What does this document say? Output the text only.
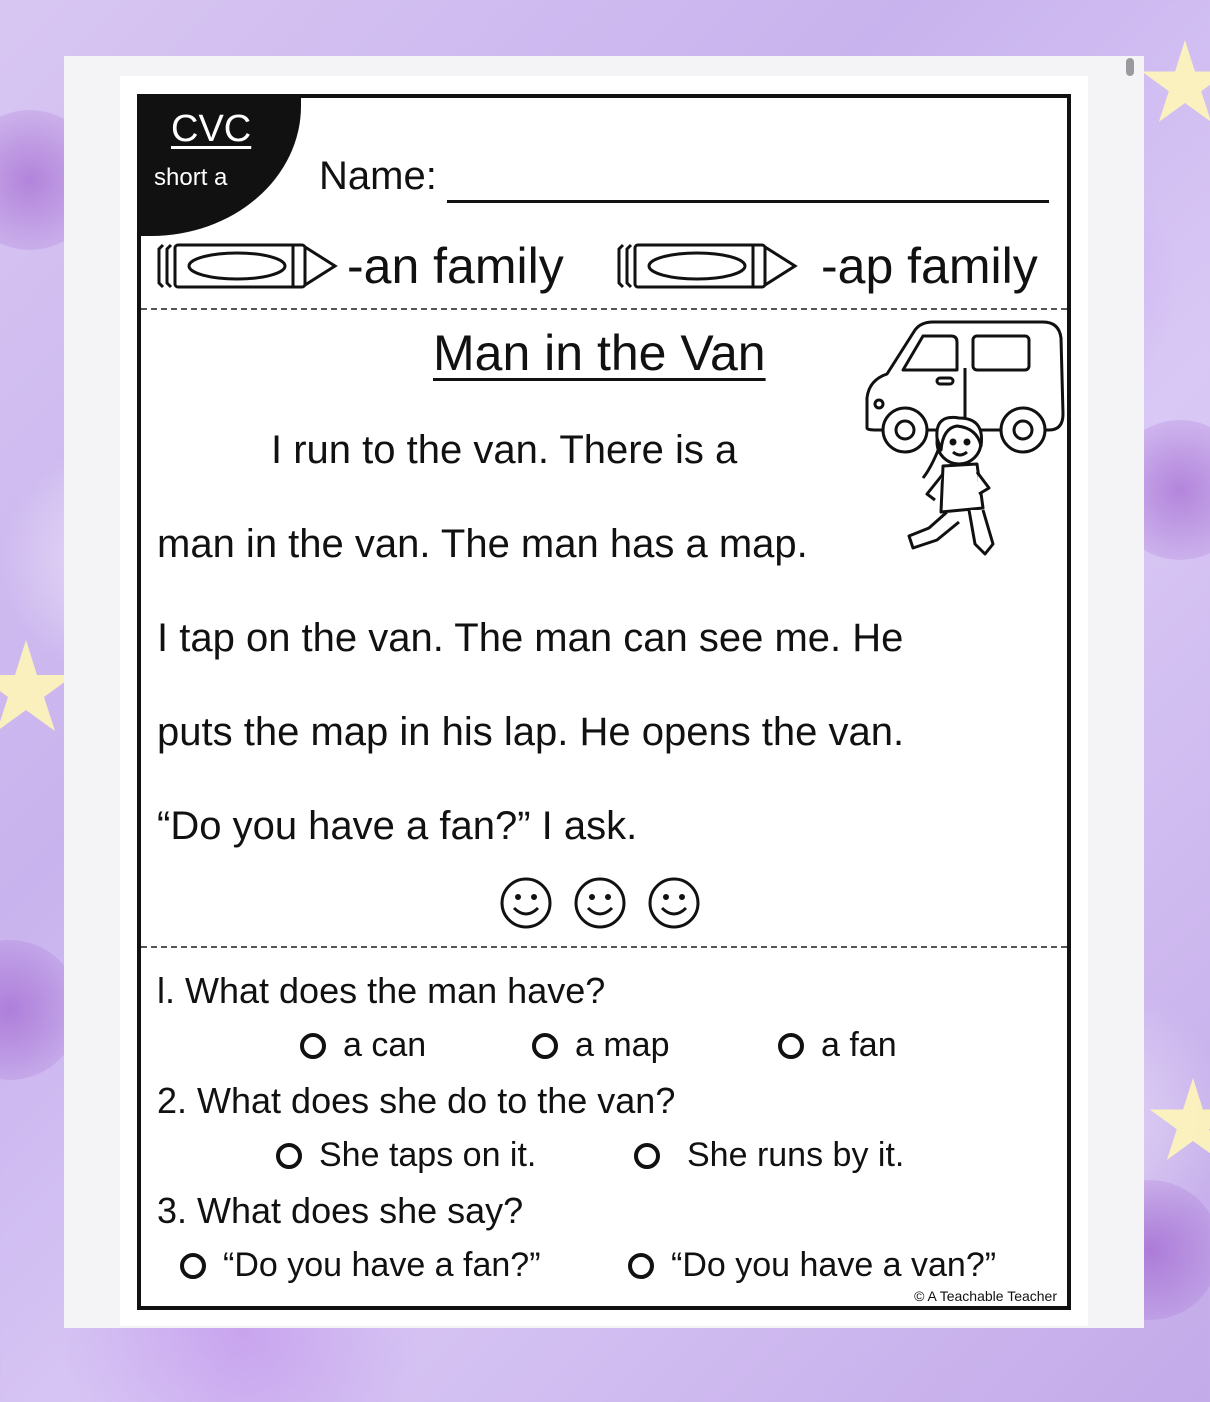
CVC
short a Name:
-an family	-ap family
Man in the Van
I run to the van. There is a
man in the van. The man has a map.
I tap on the van. The man can see me. He
puts the map in his lap. He opens the van.
“Do you have a fan?” I ask.
l. What does the man have?
a can	a map	a fan
2. What does she do to the van?
She taps on it.	She runs by it.
3. What does she say?
“Do you have a fan?”	“Do you have a van?”
© A Teachable Teacher
